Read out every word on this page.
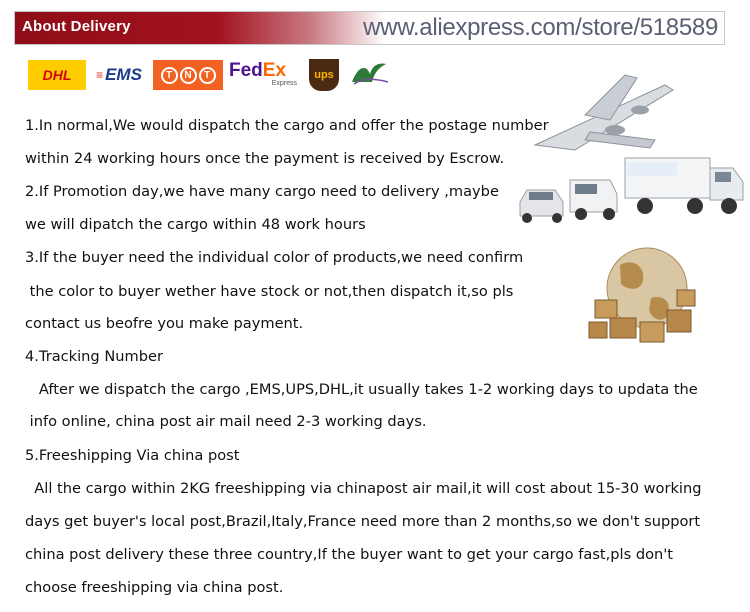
About Delivery	www.aliexpress.com/store/518589
DHL ≡ EMS	T	N	T FedEx
Express
ups
1.In normal,We would dispatch the cargo and offer the postage number
within 24 working hours once the payment is received by Escrow.
2.If Promotion day,we have many cargo need to delivery ,maybe
we will dipatch the cargo within 48 work hours
3.If the buyer need the individual color of products,we need confirm
the color to buyer wether have stock or not,then dispatch it,so pls
contact us beofre you make payment.
4.Tracking Number
After we dispatch the cargo ,EMS,UPS,DHL,it usually takes 1-2 working days to updata the
info online, china post air mail need 2-3 working days.
5.Freeshipping Via china post
All the cargo within 2KG freeshipping via chinapost air mail,it will cost about 15-30 working
days get buyer's local post,Brazil,Italy,France need more than 2 months,so we don't support
china post delivery these three country,If the buyer want to get your cargo fast,pls don't
choose freeshipping via china post.
